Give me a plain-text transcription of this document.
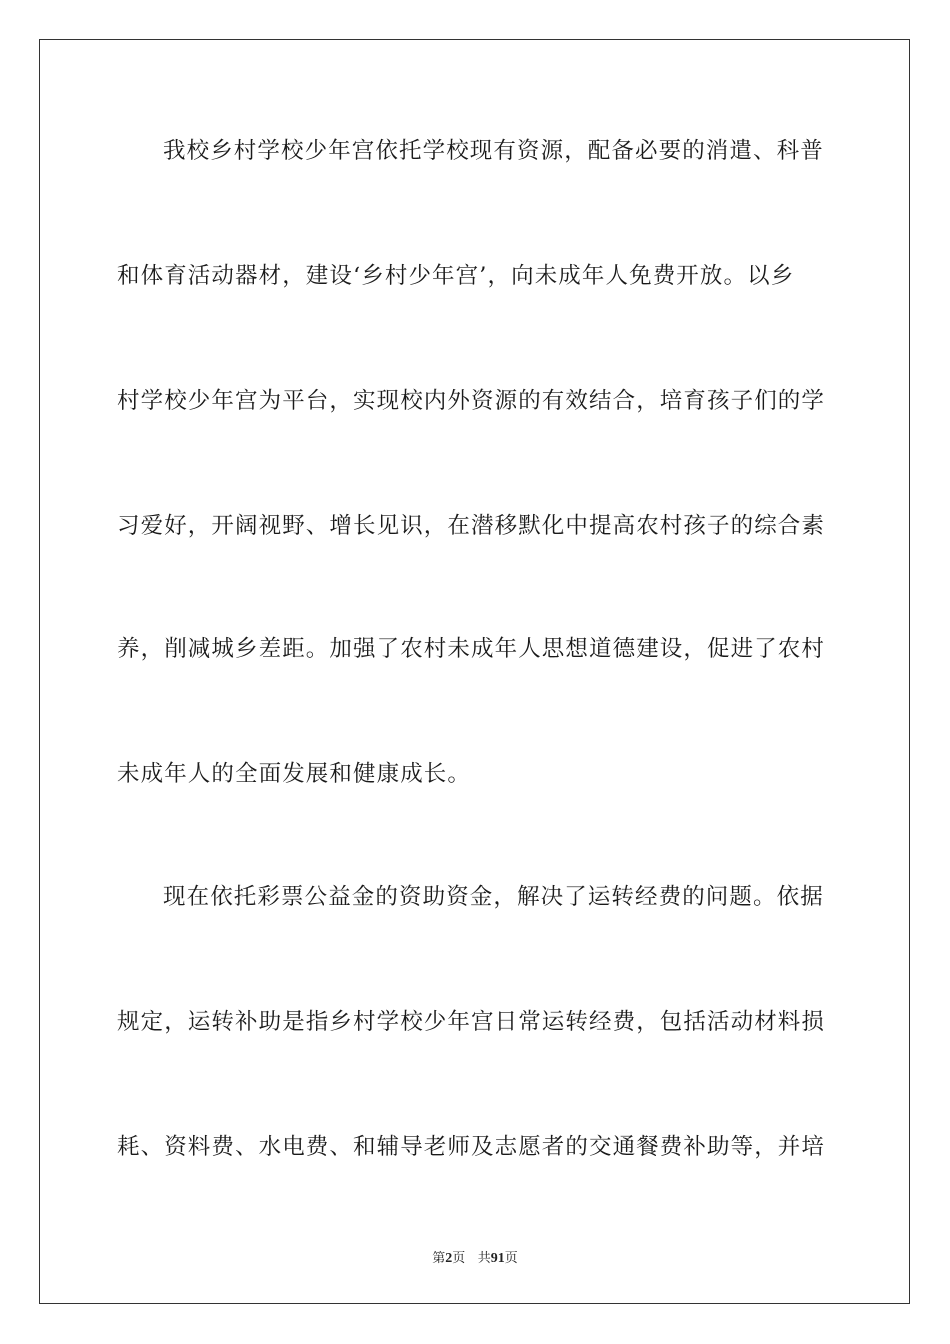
我校乡村学校少年宫依托学校现有资源，配备必要的消遣、科普
和体育活动器材，建设‘乡村少年宫’，向未成年人免费开放。以乡
村学校少年宫为平台，实现校内外资源的有效结合，培育孩子们的学
习爱好，开阔视野、增长见识，在潜移默化中提高农村孩子的综合素
养，削减城乡差距。加强了农村未成年人思想道德建设，促进了农村
未成年人的全面发展和健康成长。
现在依托彩票公益金的资助资金，解决了运转经费的问题。依据
规定，运转补助是指乡村学校少年宫日常运转经费，包括活动材料损
耗、资料费、水电费、和辅导老师及志愿者的交通餐费补助等，并培
第2页 共91页
